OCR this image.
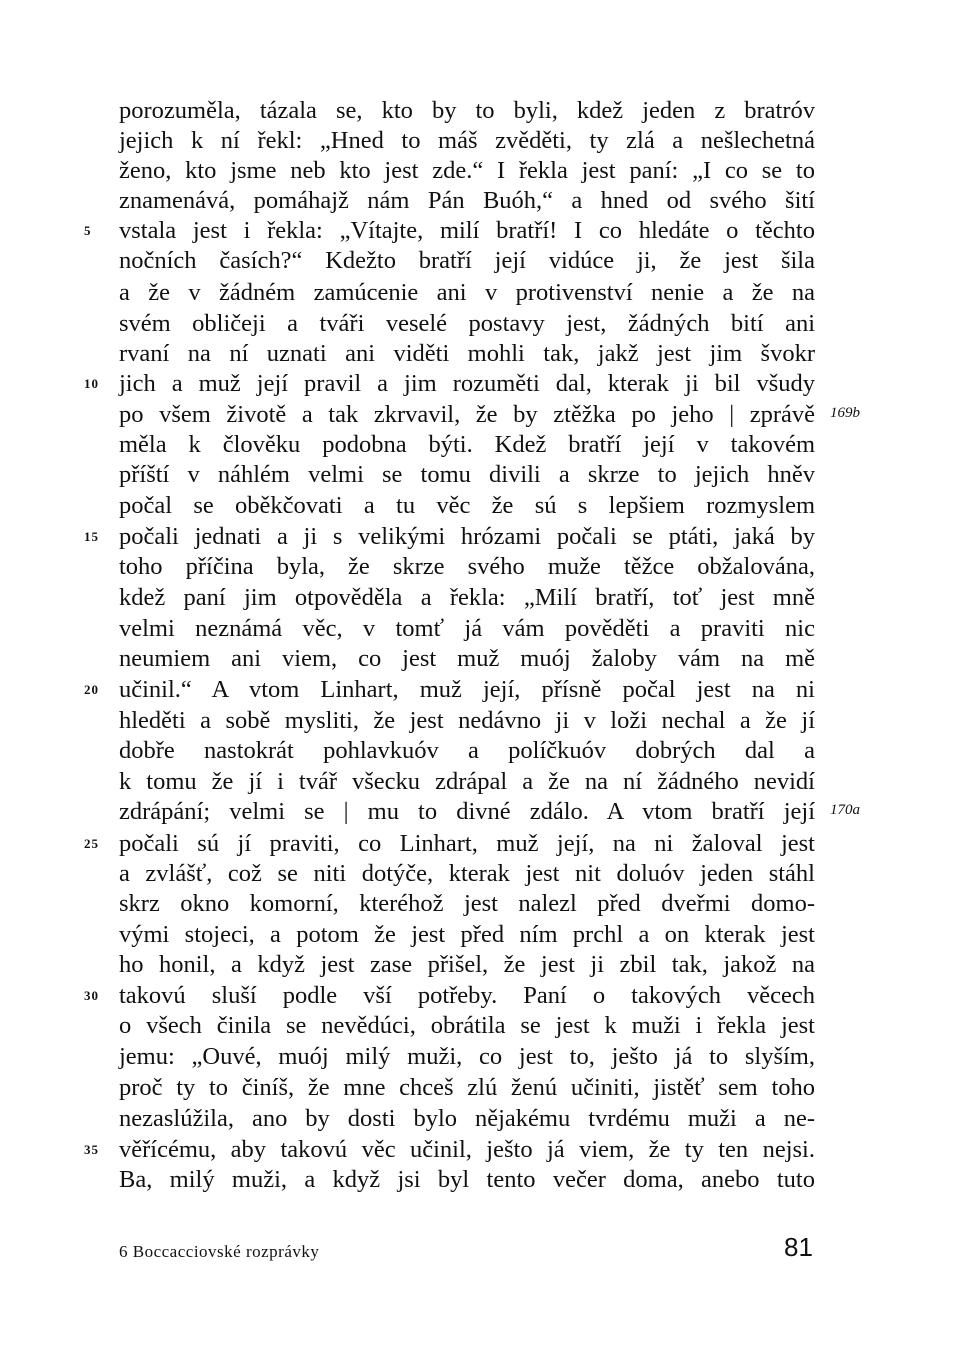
porozuměla, tázala se, kto by to byli, kdež jeden z bratróv
jejich k ní řekl: „Hned to máš zvěděti, ty zlá a nešlechetná
ženo, kto jsme neb kto jest zde.“ I řekla jest paní: „I co se to
znamenává, pomáhajž nám Pán Buóh,“ a hned od svého šití
vstala jest i řekla: „Vítajte, milí bratří! I co hledáte o těchto
nočních časích?“ Kdežto bratří její vidúce ji, že jest šila
a že v žádném zamúcenie ani v protivenství nenie a že na
svém obličeji a tváři veselé postavy jest, žádných bití ani
rvaní na ní uznati ani viděti mohli tak, jakž jest jim švokr
jich a muž její pravil a jim rozuměti dal, kterak ji bil všudy
po všem životě a tak zkrvavil, že by ztěžka po jeho | zprávě
měla k člověku podobna býti. Kdež bratří její v takovém
příští v náhlém velmi se tomu divili a skrze to jejich hněv
počal se oběkčovati a tu věc že sú s lepšiem rozmyslem
počali jednati a ji s velikými hrózami počali se ptáti, jaká by
toho příčina byla, že skrze svého muže těžce obžalována,
kdež paní jim otpověděla a řekla: „Milí bratří, toť jest mně
velmi neznámá věc, v tomť já vám pověděti a praviti nic
neumiem ani viem, co jest muž muój žaloby vám na mě
učinil.“ A vtom Linhart, muž její, přísně počal jest na ni
hleděti a sobě mysliti, že jest nedávno ji v loži nechal a že jí
dobře nastokrát pohlavkuóv a políčkuóv dobrých dal a
k tomu že jí i tvář všecku zdrápal a že na ní žádného nevidí
zdrápání; velmi se | mu to divné zdálo. A vtom bratří její
počali sú jí praviti, co Linhart, muž její, na ni žaloval jest
a zvlášť, což se niti dotýče, kterak jest nit doluóv jeden stáhl
skrz okno komorní, kteréhož jest nalezl před dveřmi domo-
vými stojeci, a potom že jest před ním prchl a on kterak jest
ho honil, a když jest zase přišel, že jest ji zbil tak, jakož na
takovú sluší podle vší potřeby. Paní o takových věcech
o všech činila se nevědúci, obrátila se jest k muži i řekla jest
jemu: „Ouvé, muój milý muži, co jest to, ješto já to slyším,
proč ty to činíš, že mne chceš zlú ženú učiniti, jistěť sem toho
nezaslúžila, ano by dosti bylo nějakému tvrdému muži a ne-
věřícému, aby takovú věc učinil, ješto já viem, že ty ten nejsi.
Ba, milý muži, a když jsi byl tento večer doma, anebo tuto
5
10
15
20
25
30
35
169b
170a
6 Boccacciovské rozprávky	81
